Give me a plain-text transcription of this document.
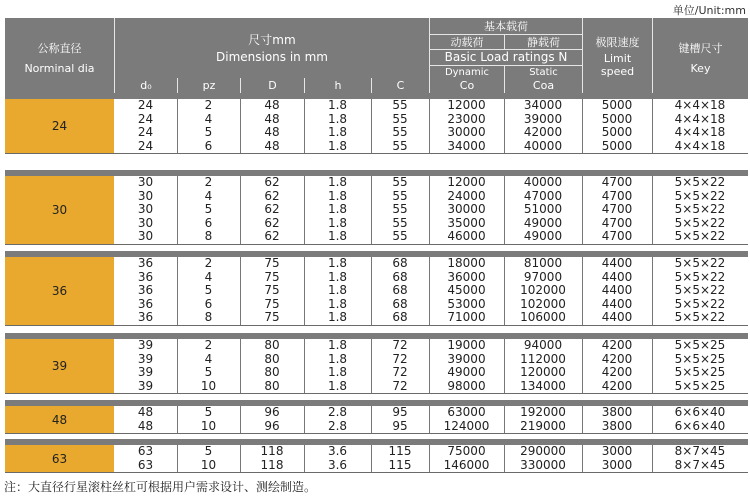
单位/Unit:mm
公称直径
Norminal dia
尺寸mm
Dimensions in mm
基本载荷
动载荷	静载荷
Basic Load ratings N
Dynamic	Static
极限速度
Limit
speed
键槽尺寸
Key
d₀	pz	D	h	C	Co	Coa
24
24	2	48	1.8	55	12000	34000	5000	4×4×18
24	4	48	1.8	55	23000	39000	5000	4×4×18
24	5	48	1.8	55	30000	42000	5000	4×4×18
24	6	48	1.8	55	34000	40000	5000	4×4×18
30
30	2	62	1.8	55	12000	40000	4700	5×5×22
30	4	62	1.8	55	24000	47000	4700	5×5×22
30	5	62	1.8	55	30000	51000	4700	5×5×22
30	6	62	1.8	55	35000	49000	4700	5×5×22
30	8	62	1.8	55	46000	49000	4700	5×5×22
36
36	2	75	1.8	68	18000	81000	4400	5×5×22
36	4	75	1.8	68	36000	97000	4400	5×5×22
36	5	75	1.8	68	45000	102000	4400	5×5×22
36	6	75	1.8	68	53000	102000	4400	5×5×22
36	8	75	1.8	68	71000	106000	4400	5×5×22
39
39	2	80	1.8	72	19000	94000	4200	5×5×25
39	4	80	1.8	72	39000	112000	4200	5×5×25
39	5	80	1.8	72	49000	120000	4200	5×5×25
39	10	80	1.8	72	98000	134000	4200	5×5×25
48
48	5	96	2.8	95	63000	192000	3800	6×6×40
48	10	96	2.8	95	124000	219000	3800	6×6×40
63
63	5	118	3.6	115	75000	290000	3000	8×7×45
63	10	118	3.6	115	146000	330000	3000	8×7×45
注：大直径行星滚柱丝杠可根据用户需求设计、测绘制造。
